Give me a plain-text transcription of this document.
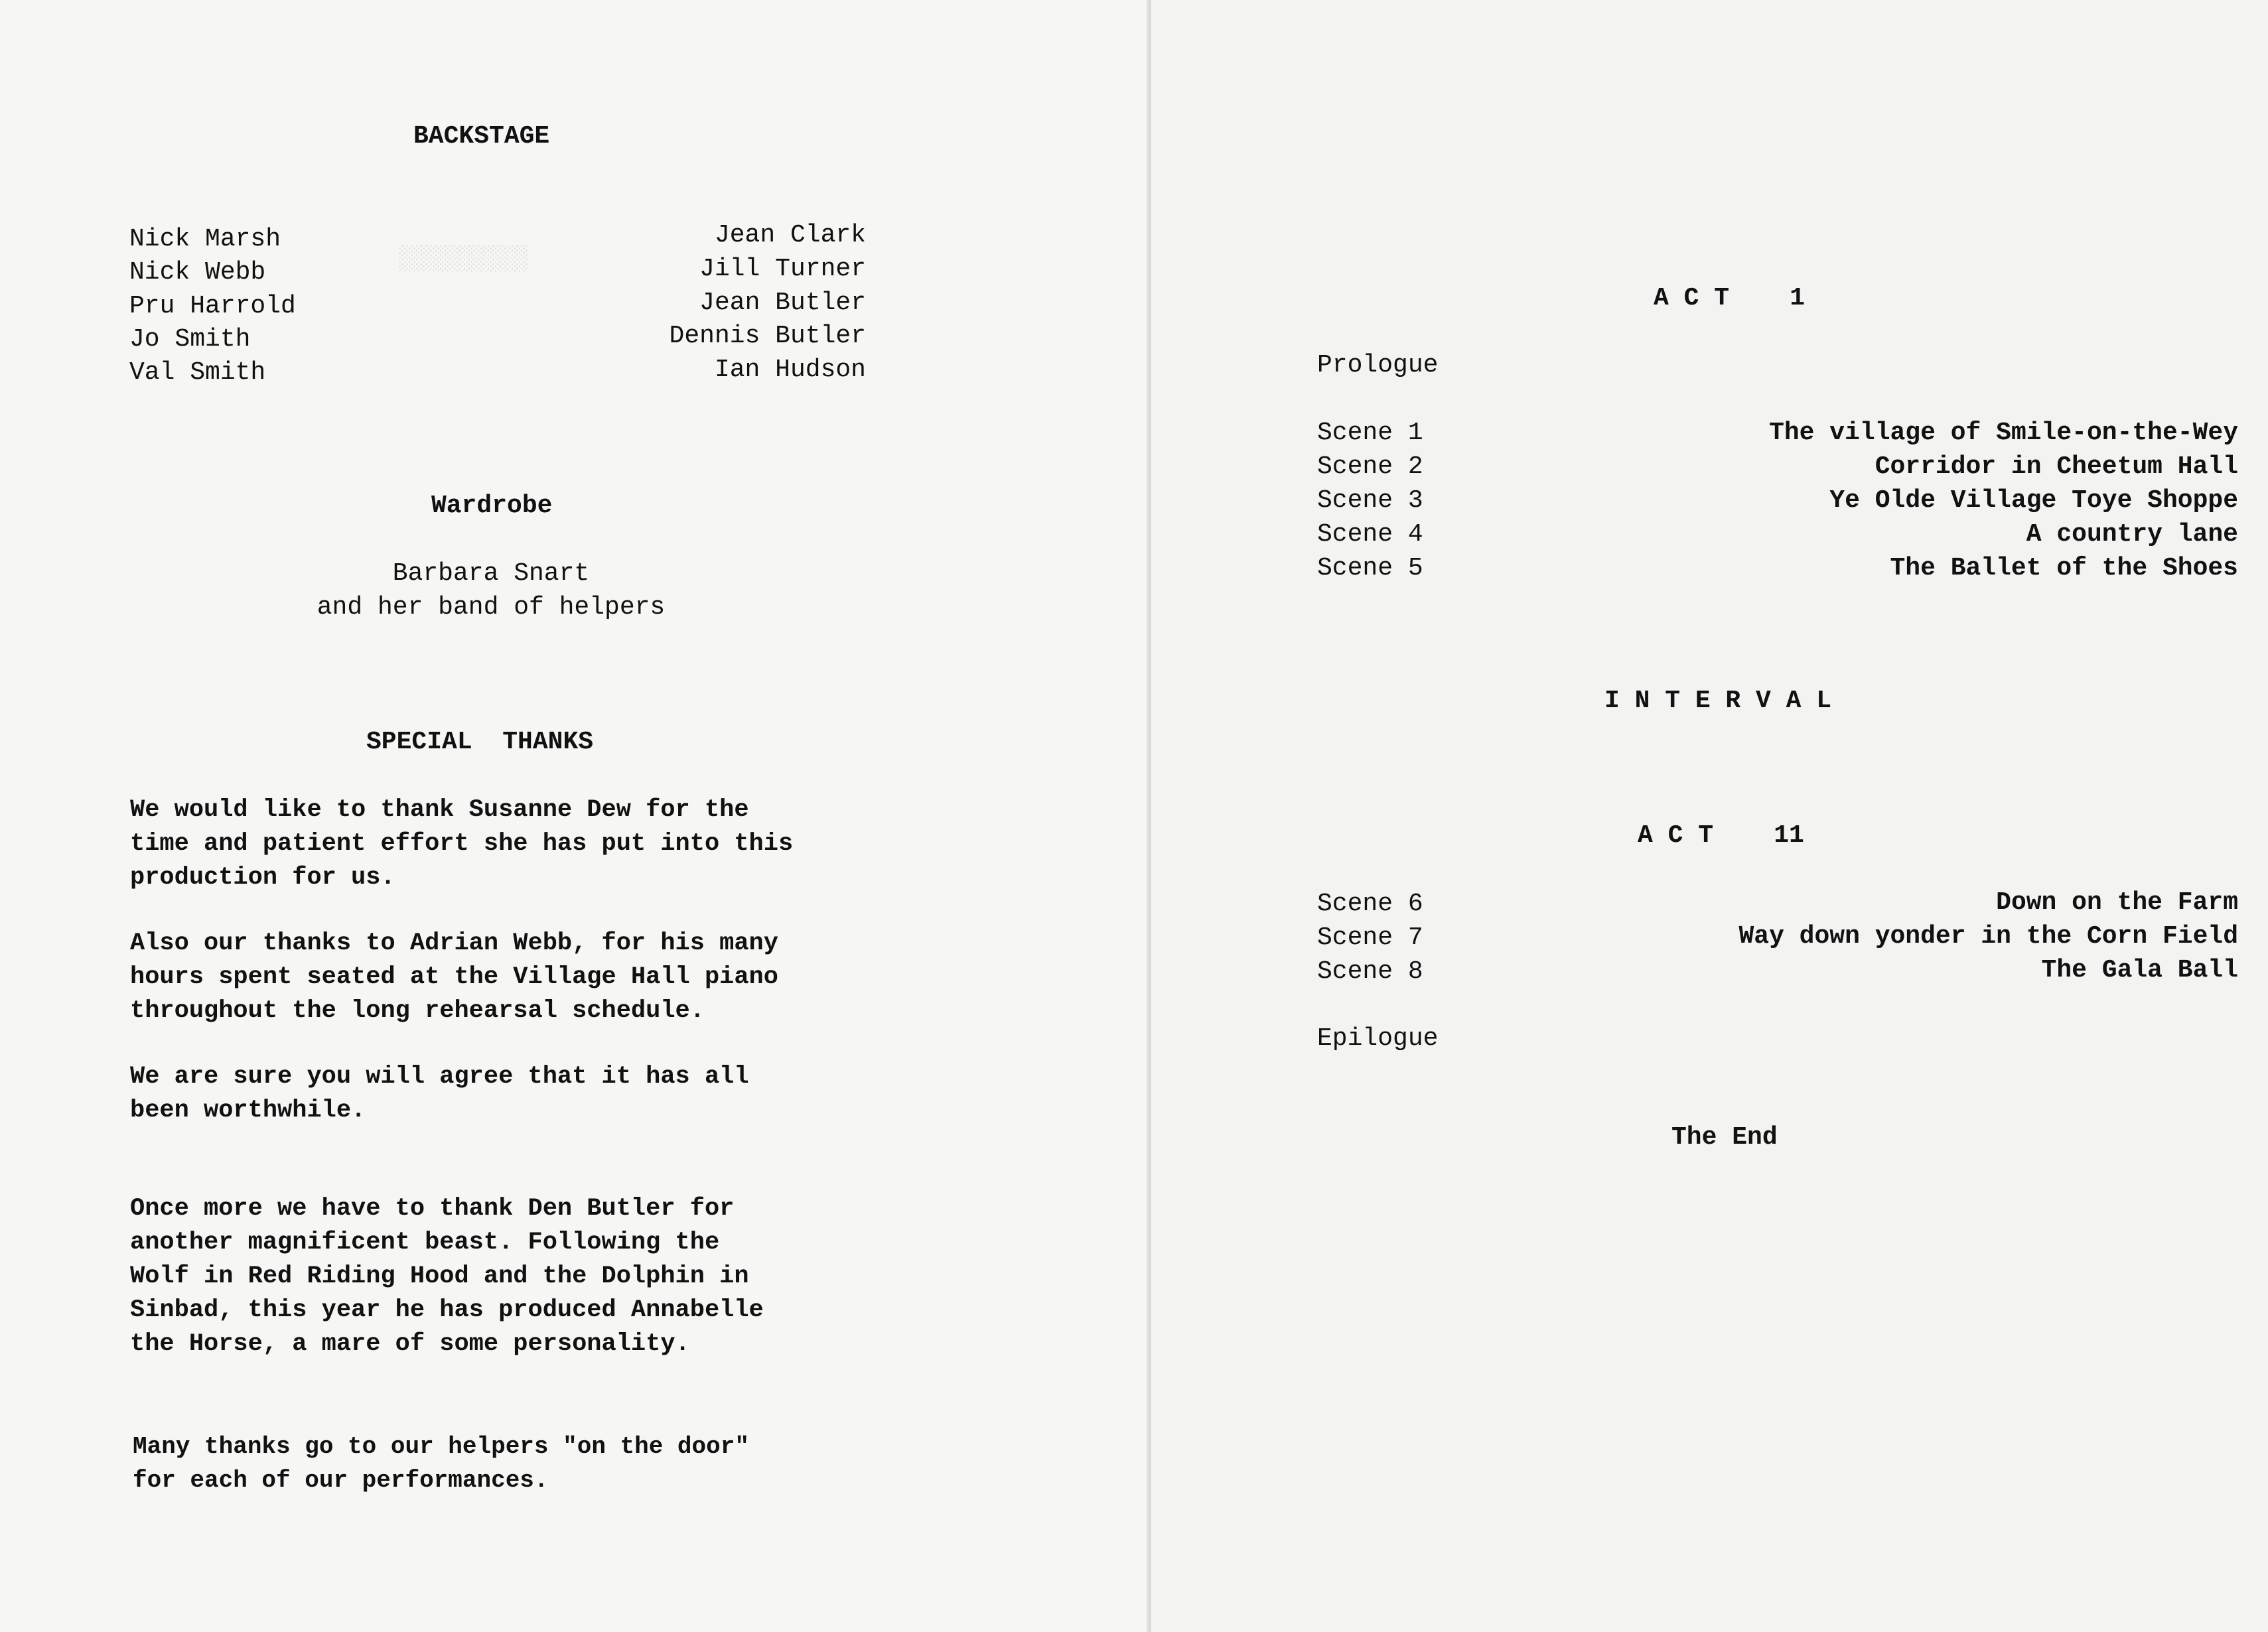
░░░░░░░░░
BACKSTAGE
Nick Marsh
Nick Webb
Pru Harrold
Jo Smith
Val Smith
Jean Clark
Jill Turner
Jean Butler
Dennis Butler
Ian Hudson
Wardrobe
Barbara Snart
and her band of helpers
SPECIAL  THANKS
We would like to thank Susanne Dew for the
time and patient effort she has put into this
production for us.
Also our thanks to Adrian Webb, for his many
hours spent seated at the Village Hall piano
throughout the long rehearsal schedule.
We are sure you will agree that it has all
been worthwhile.
Once more we have to thank Den Butler for
another magnificent beast. Following the
Wolf in Red Riding Hood and the Dolphin in
Sinbad, this year he has produced Annabelle
the Horse, a mare of some personality.
Many thanks go to our helpers "on the door"
for each of our performances.
A C T    1
Prologue
Scene 1
Scene 2
Scene 3
Scene 4
Scene 5
The village of Smile-on-the-Wey
Corridor in Cheetum Hall
Ye Olde Village Toye Shoppe
A country lane
The Ballet of the Shoes
I N T E R V A L
A C T    11
Scene 6
Scene 7
Scene 8
Down on the Farm
Way down yonder in the Corn Field
The Gala Ball
Epilogue
The End
